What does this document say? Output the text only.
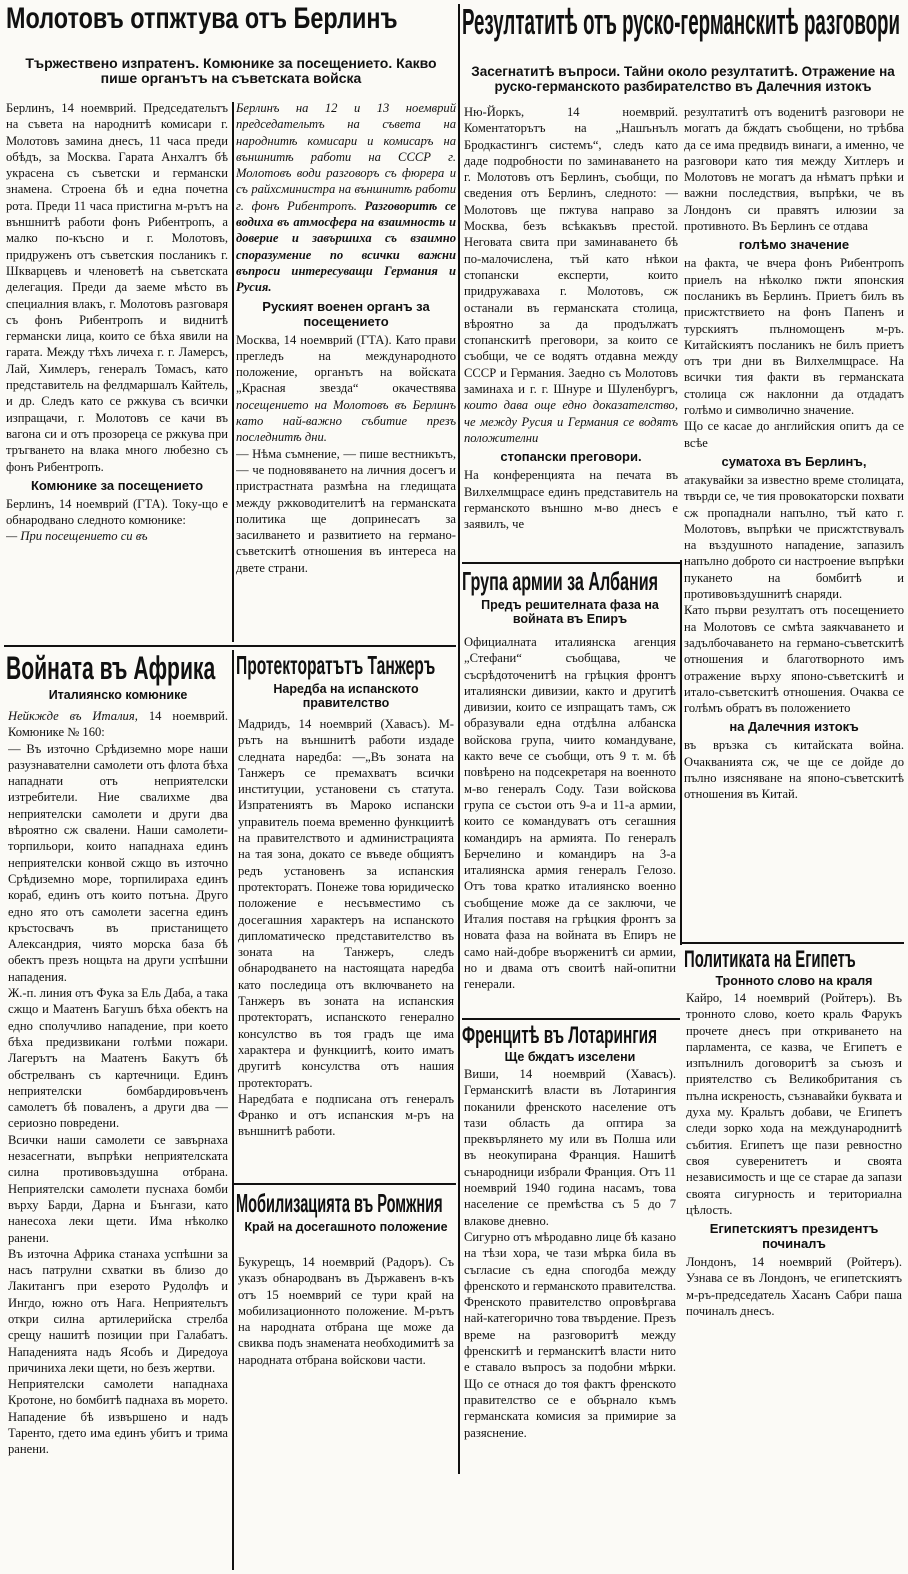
Молотовъ отпжтува отъ Берлинъ
Тържествено изпратенъ. Комюнике за посещението. Какво пише органътъ на съветската войска

Берлинъ, 14 ноемврий. Председательтъ на съвета на народнитѣ комисари г. Молотовъ замина днесъ, 11 часа преди обѣдъ, за Москва. Гарата Анхалтъ бѣ украсена съ съветски и германски знамена. Строена бѣ и една почетна рота. Преди 11 часа пристигна м-рътъ на външнитѣ работи фонъ Рибентропъ, а малко по-късно и г. Молотовъ, придруженъ отъ съветския посланикъ г. Шкварцевъ и членоветѣ на съветската делегация. Преди да заеме мѣсто въ специалния влакъ, г. Молотовъ разговаря съ фонъ Рибентропъ и виднитѣ германски лица, които се бѣха явили на гарата. Между тѣхъ личеха г. г. Ламерсъ, Лай, Химлеръ, генералъ Томасъ, като представитель на фелдмаршалъ Кайтель, и др. Следъ като се ржкува съ всички изпращачи, г. Молотовъ се качи въ вагона си и отъ прозореца се ржкува при тръгването на влака много любезно съ фонъ Рибентропъ.

Комюнике за посещението

Берлинъ, 14 ноемврий (ГТА). Току-що е обнародвано следното комюнике:

— При посещението си въ

Берлинъ на 12 и 13 ноемврий председательтъ на съвета на народнитѣ комисари и комисаръ на външнитѣ работи на СССР г. Молотовъ води разговоръ съ фюрера и съ райхсминистра на външнитѣ работи г. фонъ Рибентропъ. Разговоритѣ се водиха въ атмосфера на взаимность и доверие и завършиха съ взаимно споразумение по всички важни въпроси интересуващи Германия и Русия.

Руският военен органъ за посещението

Москва, 14 ноемврий (ГТА). Като прави прегледъ на международното положение, органътъ на войската „Красная звезда“ окачествява посещението на Молотовъ въ Берлинъ като най-важно събитие презъ последнитѣ дни.

— Нѣма съмнение, — пише вестникътъ, — че подновяването на личния досегъ и пристрастната размѣна на гледищата между ржководителитѣ на германската политика ще допринесатъ за засилването и развитието на германо-съветскитѣ отношения въ интереса на двете страни.

Резултатитѣ отъ руско-германскитѣ разговори
Засегнатитѣ въпроси. Тайни около резултатитѣ. Отражение на руско-германското разбирателство въ Далечния изтокъ

Ню-Йоркъ, 14 ноемврий. Коментаторътъ на „Нашънълъ Бродкастингъ системъ“, следъ като даде подробности по заминаването на г. Молотовъ отъ Берлинъ, съобщи, по сведения отъ Берлинъ, следното: — Молотовъ ще пжтува направо за Москва, безъ всѣкакъвъ престой. Неговата свита при заминаването бѣ по-малочислена, тъй като нѣкои стопански експерти, които придружаваха г. Молотовъ, сж останали въ германската столица, вѣроятно за да продължатъ стопанскитѣ преговори, за които се съобщи, че се водятъ отдавна между СССР и Германия. Заедно съ Молотовъ заминаха и г. г. Шнуре и Шуленбургъ, които дава още едно доказателство, че между Русия и Германия се водятъ положителни

стопански преговори.

На конференцията на печата въ Вилхелмщрасе единъ представитель на германското външно м-во днесъ е заявилъ, че

резултатитѣ отъ воденитѣ разговори не могатъ да бждатъ съобщени, но трѣбва да се има предвидъ винаги, а именно, че разговори като тия между Хитлеръ и Молотовъ не могатъ да нѣматъ прѣки и важни последствия, въпрѣки, че въ Лондонъ си правятъ илюзии за противното. Въ Берлинъ се отдава

голѣмо значение

на факта, че вчера фонъ Рибентропъ приелъ на нѣколко пжти японския посланикъ въ Берлинъ. Приетъ билъ въ присжтствието на фонъ Папенъ и турскиятъ пълномощенъ м-ръ. Китайскиятъ посланикъ не билъ приетъ отъ три дни въ Вилхелмщрасе. На всички тия факти въ германската столица сж наклонни да отдадатъ голѣмо и символично значение.

Що се касае до английския опитъ да се всѣе

суматоха въ Берлинъ,

атакувайки за известно време столицата, твърди се, че тия провокаторски похвати сж пропаднали напълно, тъй като г. Молотовъ, въпрѣки че присжтствувалъ на въздушното нападение, запазилъ напълно доброто си настроение въпрѣки пукането на бомбитѣ и противовъздушнитѣ снаряди.

Като първи резултатъ отъ посещението на Молотовъ се смѣта заякчаването и задълбочаването на германо-съветскитѣ отношения и благотворното имъ отражение върху японо-съветскитѣ и итало-съветскитѣ отношения. Очаква се голѣмъ обратъ въ положението

на Далечния изтокъ

въ връзка съ китайската война. Очакванията сж, че ще се дойде до пълно изясняване на японо-съветскитѣ отношения въ Китай.

Войната въ Африка
Италиянско комюнике

Нейкжде въ Италия, 14 ноемврий. Комюнике № 160:

— Въ източно Срѣдиземно море наши разузнавателни самолети отъ флота бѣха нападнати отъ неприятелски изтребители. Ние свалихме два неприятелски самолети и други два вѣроятно сж свалени. Наши самолети-торпильори, които нападнаха единъ неприятелски конвой сжщо въ източно Срѣдиземно море, торпилираха единъ кораб, единъ отъ които потъна. Друго едно ято отъ самолети засегна единъ кръстосвачъ въ пристанището Александрия, чиято морска база бѣ обектъ презъ нощьта на други успѣшни нападения.

Ж.-п. линия отъ Фука за Ель Даба, а така сжщо и Маатенъ Багушъ бѣха обектъ на едно сполучливо нападение, при което бѣха предизвикани голѣми пожари. Лагерътъ на Маатенъ Бакутъ бѣ обстрелванъ съ картечници. Единъ неприятелски бомбардировъченъ самолетъ бѣ поваленъ, а други два — сериозно повредени.

Всички наши самолети се завърнаха незасегнати, въпрѣки неприятелската силна противовъздушна отбрана. Неприятелски самолети пуснаха бомби върху Барди, Дарна и Бънгази, като нанесоха леки щети. Има нѣколко ранени.

Въ източна Африка станаха успѣшни за насъ патрулни схватки въ близо до Лакитангъ при езерото Рудолфъ и Ингдо, южно отъ Нага. Неприятельтъ откри силна артилерийска стрелба срещу нашитѣ позиции при Галабатъ. Нападенията надъ Ясобъ и Диредоуа причиниха леки щети, но безъ жертви.

Неприятелски самолети нападнаха Кротоне, но бомбитѣ паднаха въ морето. Нападение бѣ извършено и надъ Таренто, гдето има единъ убитъ и трима ранени.

Протекторатътъ Танжеръ
Наредба на испанското правителство

Мадридъ, 14 ноемврий (Хавасъ). М-рътъ на външнитѣ работи издаде следната наредба: —„Въ зоната на Танжеръ се премахватъ всички институции, установени съ статута. Изпратениятъ въ Мароко испански управитель поема временно функциитѣ на правителството и администрацията на тая зона, докато се въведе общиятъ редъ установенъ за испанския протекторатъ. Понеже това юридическо положение е несъвместимо съ досегашния характеръ на испанското дипломатическо представителство въ зоната на Танжеръ, следъ обнародването на настоящата наредба като последица отъ включването на Танжеръ въ зоната на испанския протекторатъ, испанското генерално консулство въ тоя градъ ще има характера и функциитѣ, които иматъ другитѣ консулства отъ нашия протекторатъ.

Наредбата е подписана отъ генералъ Франко и отъ испанския м-ръ на външнитѣ работи.

Мобилизацията въ Ромжния
Край на досегашното положение

Букурещъ, 14 ноемврий (Радоръ). Съ указъ обнародванъ въ Държавенъ в-къ отъ 15 ноемврий се тури край на мобилизационното положение. М-рътъ на народната отбрана ще може да свиква подъ знамената необходимитѣ за народната отбрана войскови части.

Група армии за Албания
Предъ решителната фаза на войната въ Епиръ

Официалната италиянска агенция „Стефани“ съобщава, че съсрѣдоточенитѣ на грѣцкия фронтъ италиянски дивизии, както и другитѣ дивизии, които се изпращатъ тамъ, сж образували една отдѣлна албанска войскова група, чиито командуване, както вече се съобщи, отъ 9 т. м. бѣ повѣрено на подсекретаря на военното м-во генералъ Соду. Тази войскова група се състои отъ 9-а и 11-а армии, които се командуватъ отъ сегашния командиръ на армията. По генералъ Берчелино и командиръ на 3-а италиянска армия генералъ Гелозо. Отъ това кратко италиянско военно съобщение може да се заключи, че Италия поставя на грѣцкия фронтъ за новата фаза на войната въ Епиръ не само най-добре въорженитѣ си армии, но и двама отъ своитѣ най-опитни генерали.

Френцитѣ въ Лотарингия
Ще бждатъ изселени

Виши, 14 ноемврий (Хавасъ). Германскитѣ власти въ Лотарингия поканили френското население отъ тази область да оптира за преквърлянето му или въ Полша или въ неокупирана Франция. Нашитѣ сънародници избрали Франция. Отъ 11 ноемврий 1940 година насамъ, това население се премѣства съ 5 до 7 влакове дневно.

Сигурно отъ мѣродавно лице бѣ казано на тѣзи хора, че тази мѣрка била въ съгласие съ една спогодба между френското и германското правителства. Френското правителство опровѣргава най-категорично това твърдение. Презъ време на разговоритѣ между френскитѣ и германскитѣ власти нито е ставало въпросъ за подобни мѣрки. Що се отнася до тоя фактъ френското правителство се е обърнало къмъ германската комисия за примирие за разяснение.

Политиката на Египетъ
Тронното слово на краля

Кайро, 14 ноемврий (Ройтеръ). Въ тронното слово, което краль Фарукъ прочете днесъ при откриването на парламента, се казва, че Египетъ е изпълнилъ договоритѣ за съюзъ и приятелство съ Великобритания съ пълна искреность, съзнавайки буквата и духа му. Кральтъ добави, че Египетъ следи зорко хода на международнитѣ събития. Египетъ ще пази ревностно своя суверенитетъ и своята независимость и ще се старае да запази своята сигурность и териториална цѣлость.

Египетскиятъ президентъ починалъ

Лондонъ, 14 ноемврий (Ройтеръ). Узнава се въ Лондонъ, че египетскиятъ м-ръ-председатель Хасанъ Сабри паша починалъ днесъ.
